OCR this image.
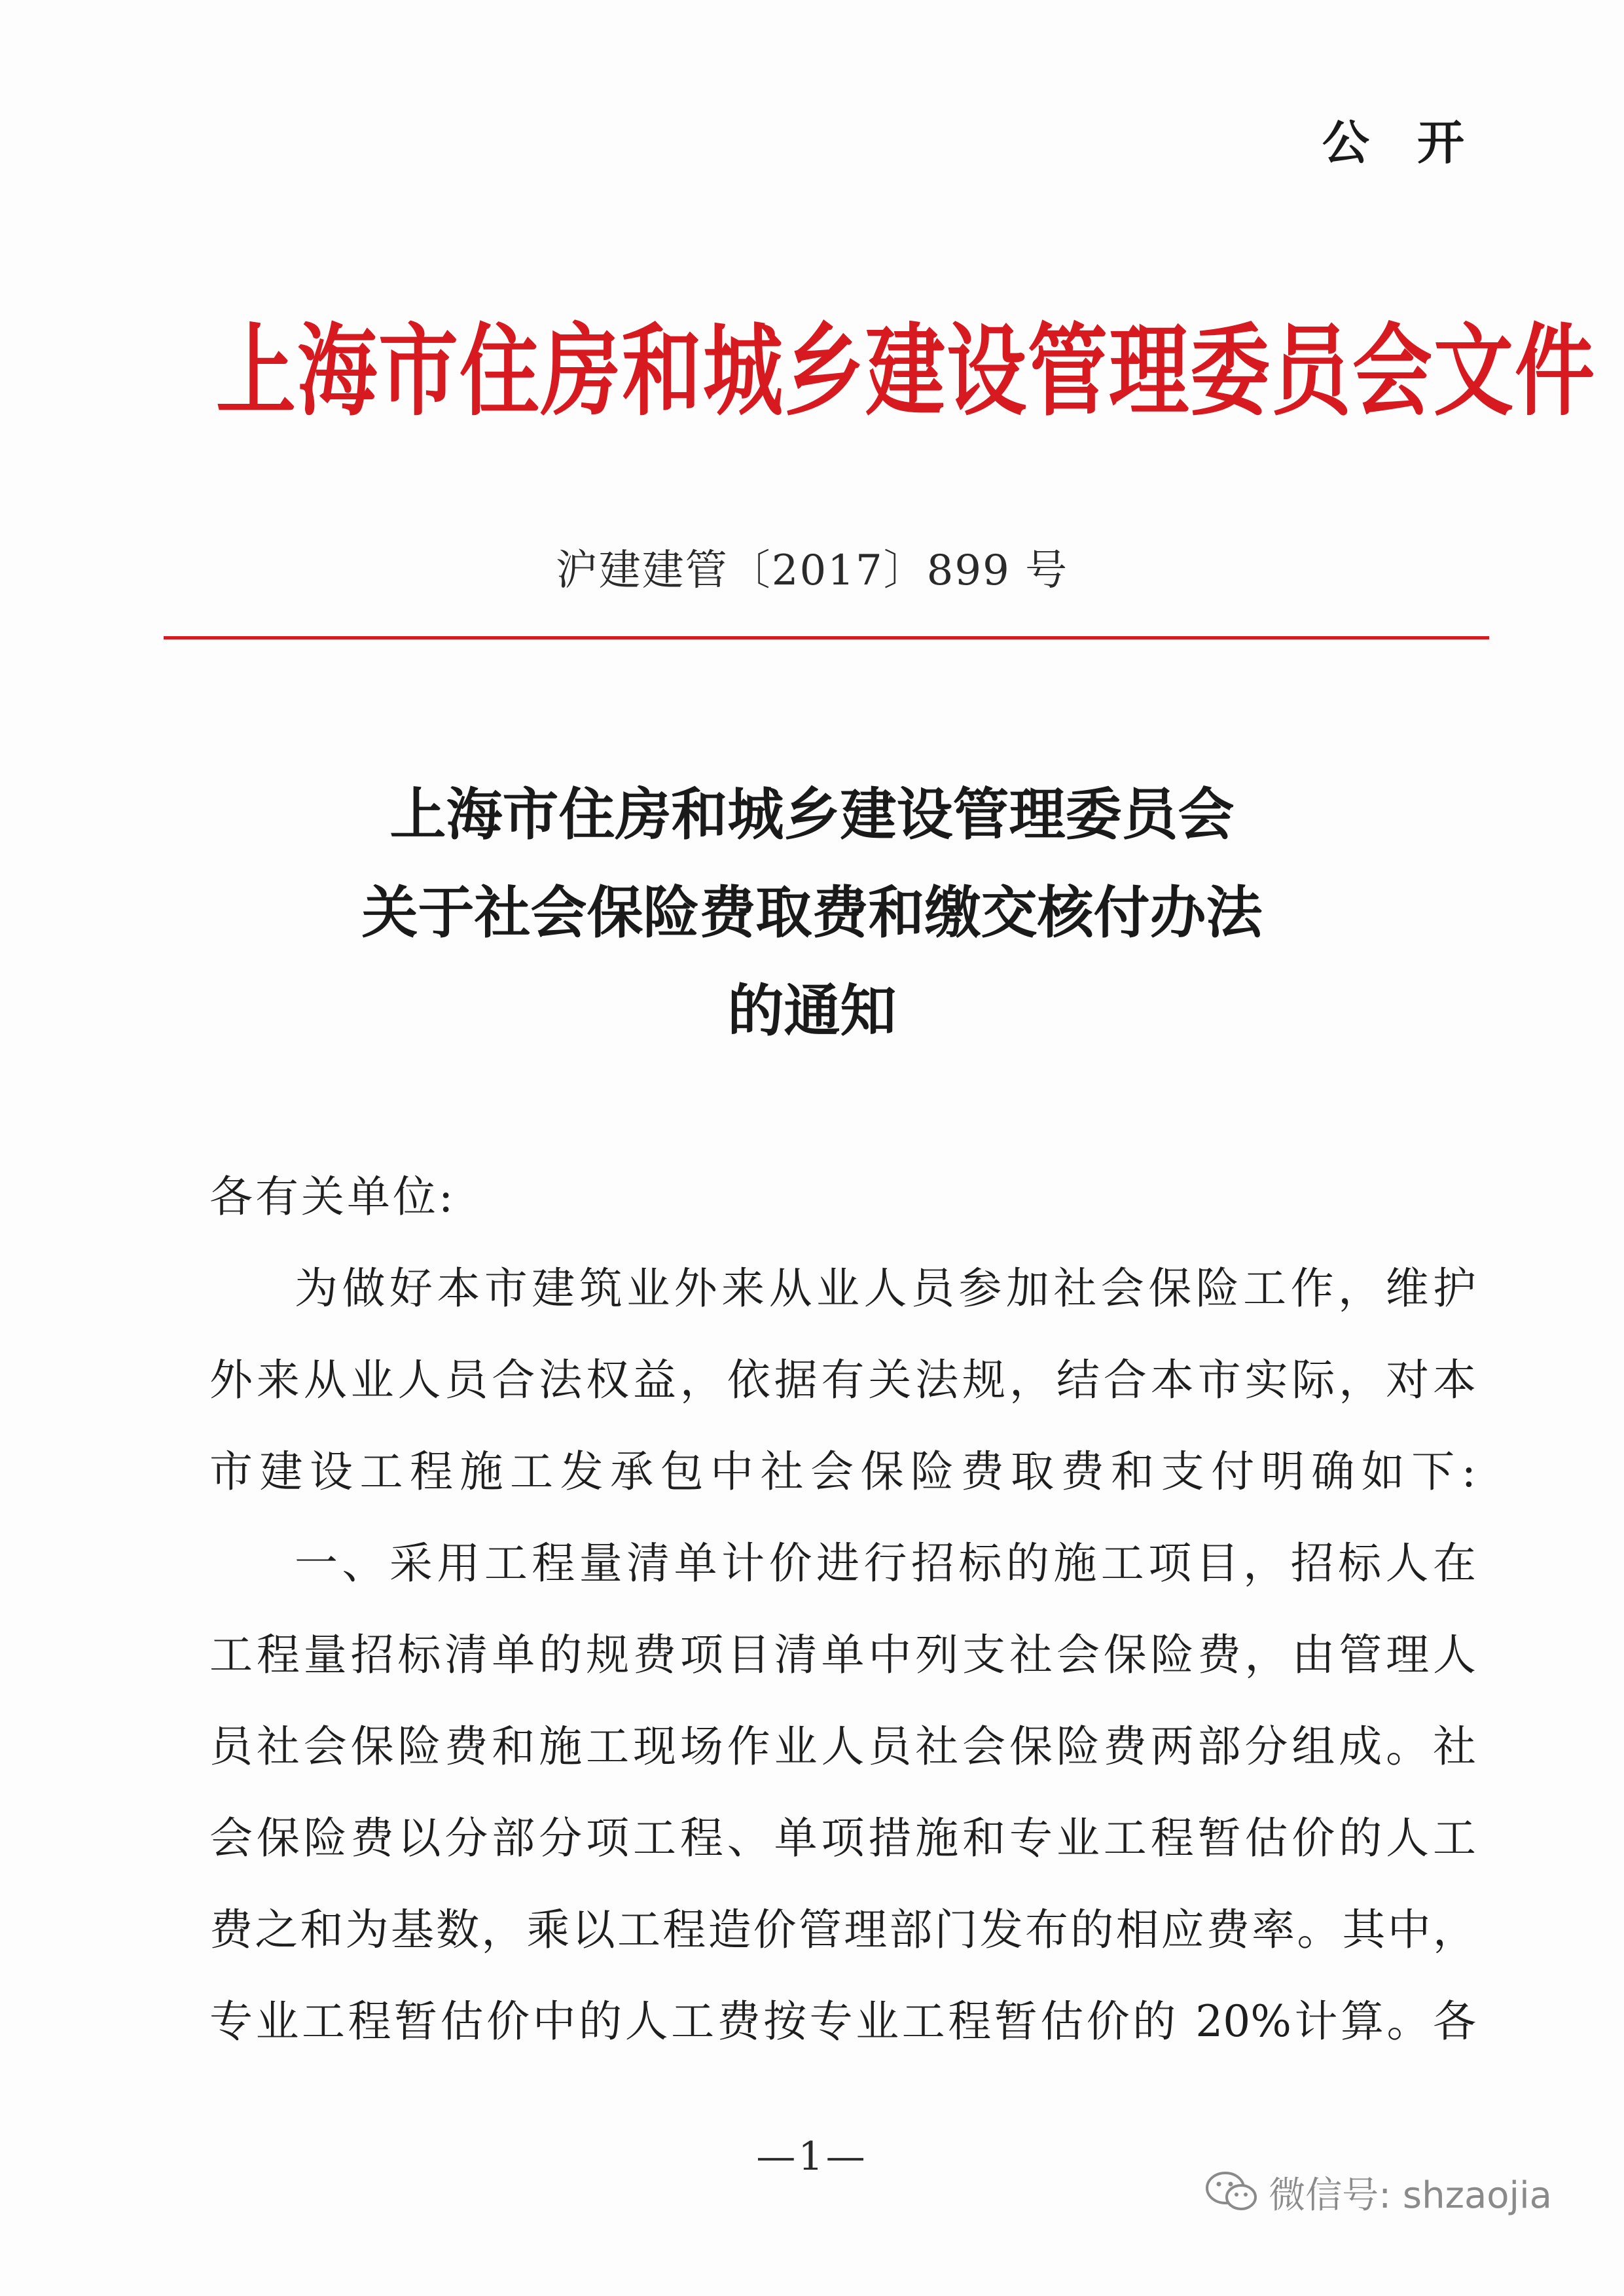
公 开
上海市住房和城乡建设管理委员会文件
沪建建管〔2017〕899 号
上海市住房和城乡建设管理委员会
关于社会保险费取费和缴交核付办法
的通知
各有关单位:
为做好本市建筑业外来从业人员参加社会保险工作，维护
外来从业人员合法权益，依据有关法规，结合本市实际，对本
市建设工程施工发承包中社会保险费取费和支付明确如下:
一、采用工程量清单计价进行招标的施工项目，招标人在
工程量招标清单的规费项目清单中列支社会保险费，由管理人
员社会保险费和施工现场作业人员社会保险费两部分组成。社
会保险费以分部分项工程、单项措施和专业工程暂估价的人工
费之和为基数，乘以工程造价管理部门发布的相应费率。其中，
专业工程暂估价中的人工费按专业工程暂估价的 20%计算。各
—1—
微信号: shzaojia
